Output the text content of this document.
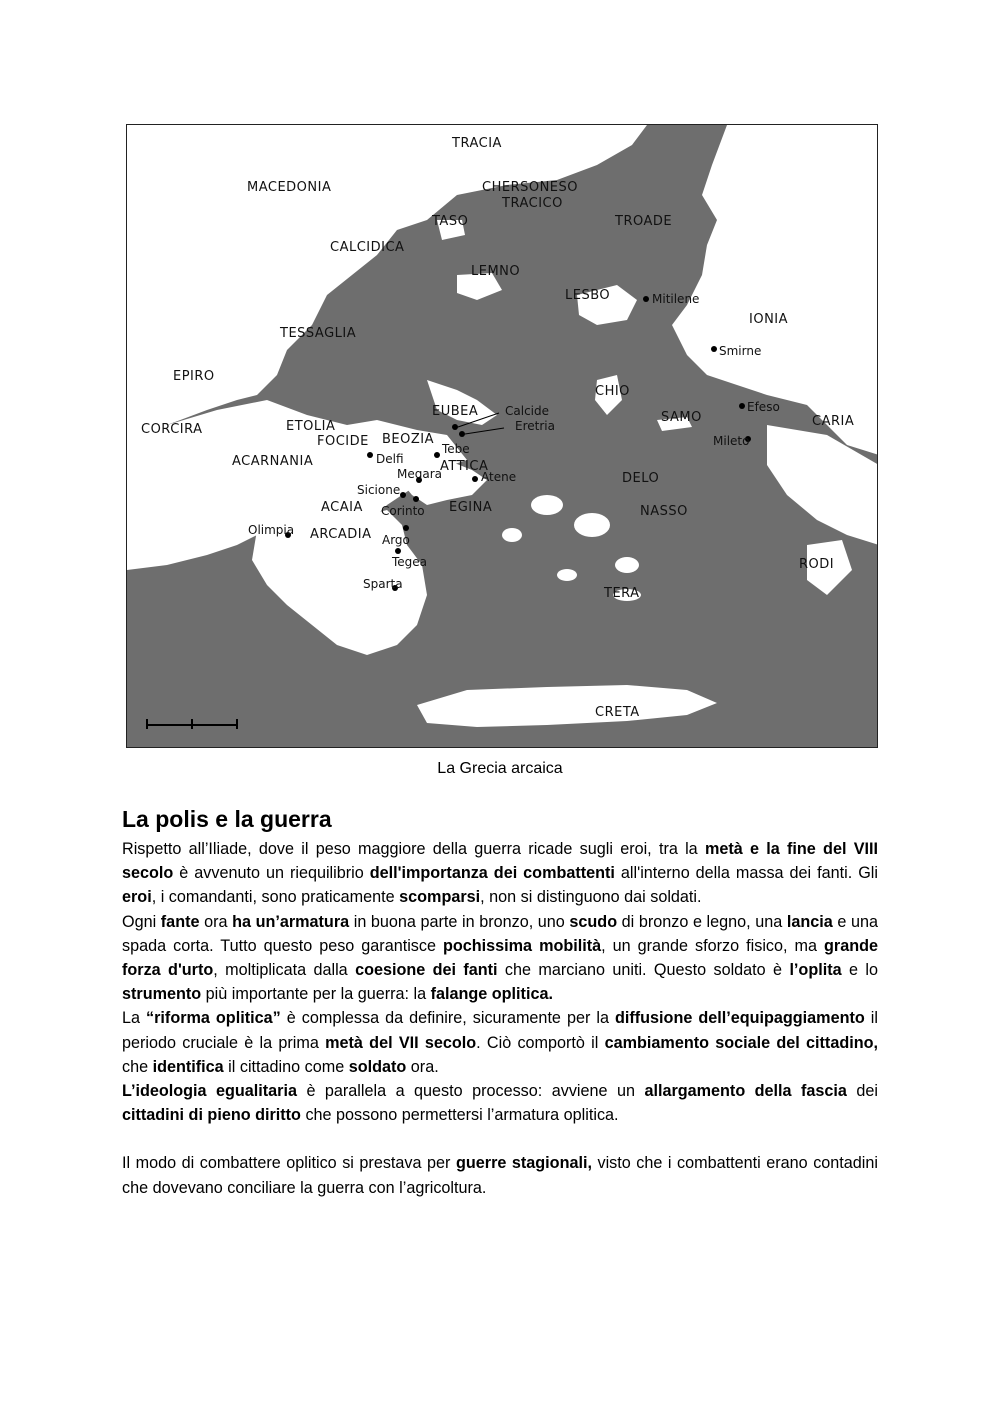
TRACIA
MACEDONIA	CHERSONESO
TRACICO
TASO	TROADE
CALCIDICA
LEMNO
LESBO
IONIA
TESSAGLIA
EPIRO
CHIO
CORCIRA	ETOLIA
EUBEA	SAMO	CARIA
FOCIDE BEOZIA
ACARNANIA	ATTICA
DELO
ACAIA	EGINA	NASSO
ARCADIA
RODI
TERA
CRETA
Mitilene
Smirne
Efeso
Mileto
Calcide
Eretria
Tebe
Delfi
Megara	Atene
Sicione
Corinto
Olimpia
Argo
Tegea
Sparta
La Grecia arcaica
La polis e la guerra

Rispetto all’Iliade, dove il peso maggiore della guerra ricade sugli eroi, tra la metà e la fine del VIII secolo è avvenuto un riequilibrio dell'importanza dei combattenti all'interno della massa dei fanti. Gli eroi, i comandanti, sono praticamente scomparsi, non si distinguono dai soldati.

Ogni fante ora ha un’armatura in buona parte in bronzo, uno scudo di bronzo e legno, una lancia e una spada corta. Tutto questo peso garantisce pochissima mobilità, un grande sforzo fisico, ma grande forza d'urto, moltiplicata dalla coesione dei fanti che marciano uniti. Questo soldato è l’oplita e lo strumento più importante per la guerra: la falange oplitica.

La “riforma oplitica” è complessa da definire, sicuramente per la diffusione dell’equipaggiamento il periodo cruciale è la prima metà del VII secolo. Ciò comportò il cambiamento sociale del cittadino, che identifica il cittadino come soldato ora.

L’ideologia egualitaria è parallela a questo processo: avviene un allargamento della fascia dei cittadini di pieno diritto che possono permettersi l’armatura oplitica.

Il modo di combattere oplitico si prestava per guerre stagionali, visto che i combattenti erano contadini che dovevano conciliare la guerra con l’agricoltura.
